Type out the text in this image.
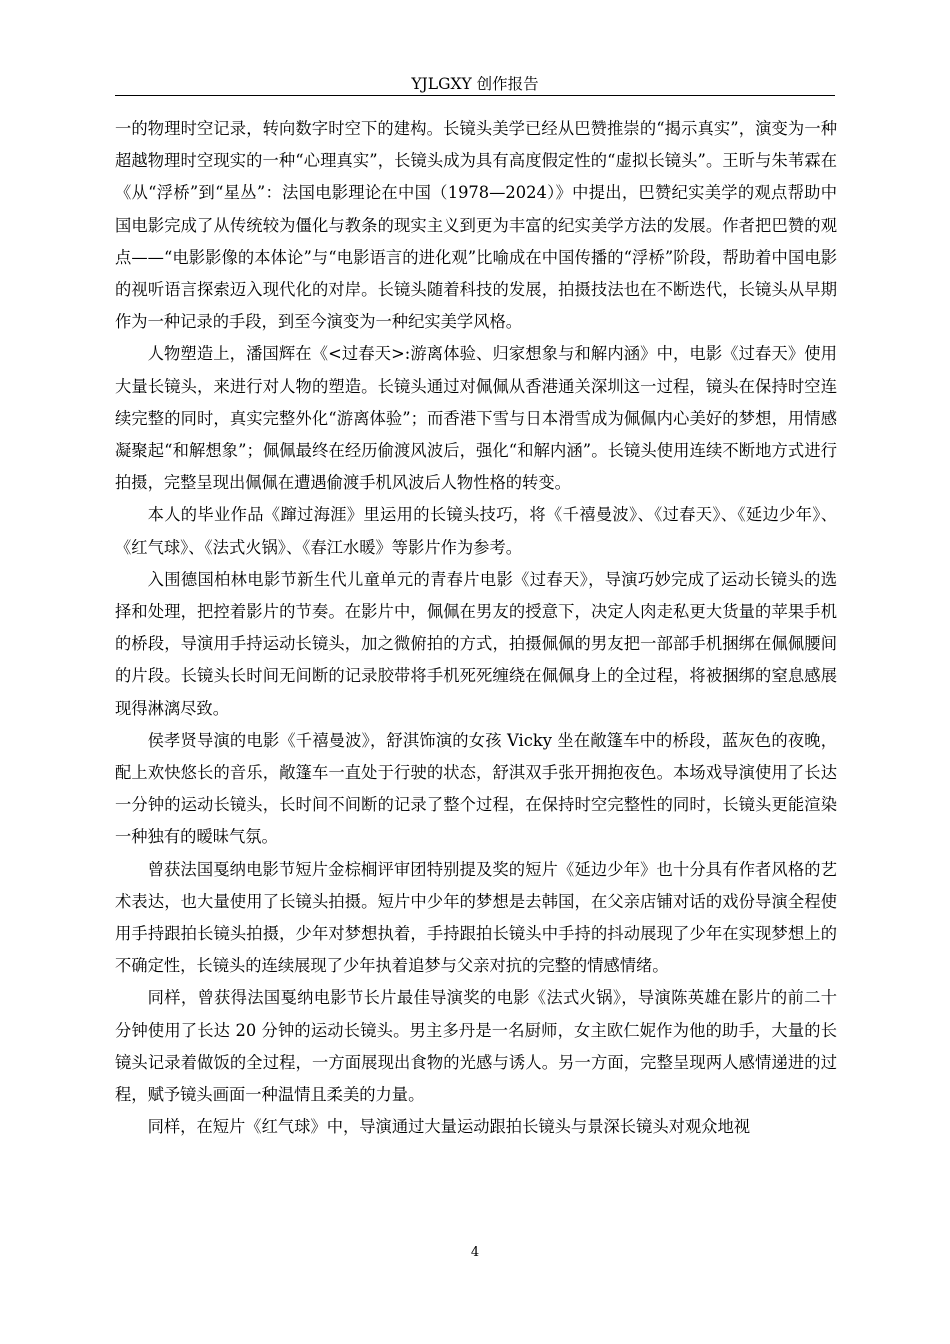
YJLGXY 创作报告

一的物理时空记录，转向数字时空下的建构。长镜头美学已经从巴赞推崇的“揭示真实”，演变为一种超越物理时空现实的一种“心理真实”，长镜头成为具有高度假定性的“虚拟长镜头”。王昕与朱苇霖在《从“浮桥”到“星丛”：法国电影理论在中国（1978—2024）》中提出，巴赞纪实美学的观点帮助中国电影完成了从传统较为僵化与教条的现实主义到更为丰富的纪实美学方法的发展。作者把巴赞的观点——“电影影像的本体论”与“电影语言的进化观”比喻成在中国传播的“浮桥”阶段，帮助着中国电影的视听语言探索迈入现代化的对岸。长镜头随着科技的发展，拍摄技法也在不断迭代，长镜头从早期作为一种记录的手段，到至今演变为一种纪实美学风格。

人物塑造上，潘国辉在《<过春天>:游离体验、归家想象与和解内涵》中，电影《过春天》使用大量长镜头，来进行对人物的塑造。长镜头通过对佩佩从香港通关深圳这一过程，镜头在保持时空连续完整的同时，真实完整外化“游离体验”；而香港下雪与日本滑雪成为佩佩内心美好的梦想，用情感凝聚起“和解想象”；佩佩最终在经历偷渡风波后，强化“和解内涵”。长镜头使用连续不断地方式进行拍摄，完整呈现出佩佩在遭遇偷渡手机风波后人物性格的转变。

本人的毕业作品《蹿过海涯》里运用的长镜头技巧，将《千禧曼波》、《过春天》、《延边少年》、《红气球》、《法式火锅》、《春江水暖》等影片作为参考。

入围德国柏林电影节新生代儿童单元的青春片电影《过春天》，导演巧妙完成了运动长镜头的选择和处理，把控着影片的节奏。在影片中，佩佩在男友的授意下，决定人肉走私更大货量的苹果手机的桥段，导演用手持运动长镜头，加之微俯拍的方式，拍摄佩佩的男友把一部部手机捆绑在佩佩腰间的片段。长镜头长时间无间断的记录胶带将手机死死缠绕在佩佩身上的全过程，将被捆绑的窒息感展现得淋漓尽致。

侯孝贤导演的电影《千禧曼波》，舒淇饰演的女孩 Vicky 坐在敞篷车中的桥段，蓝灰色的夜晚，配上欢快悠长的音乐，敞篷车一直处于行驶的状态，舒淇双手张开拥抱夜色。本场戏导演使用了长达一分钟的运动长镜头，长时间不间断的记录了整个过程，在保持时空完整性的同时，长镜头更能渲染一种独有的暧昧气氛。

曾获法国戛纳电影节短片金棕榈评审团特别提及奖的短片《延边少年》也十分具有作者风格的艺术表达，也大量使用了长镜头拍摄。短片中少年的梦想是去韩国，在父亲店铺对话的戏份导演全程使用手持跟拍长镜头拍摄，少年对梦想执着，手持跟拍长镜头中手持的抖动展现了少年在实现梦想上的不确定性，长镜头的连续展现了少年执着追梦与父亲对抗的完整的情感情绪。

同样，曾获得法国戛纳电影节长片最佳导演奖的电影《法式火锅》，导演陈英雄在影片的前二十分钟使用了长达 20 分钟的运动长镜头。男主多丹是一名厨师，女主欧仁妮作为他的助手，大量的长镜头记录着做饭的全过程，一方面展现出食物的光感与诱人。另一方面，完整呈现两人感情递进的过程，赋予镜头画面一种温情且柔美的力量。

同样，在短片《红气球》中，导演通过大量运动跟拍长镜头与景深长镜头对观众地视

4
